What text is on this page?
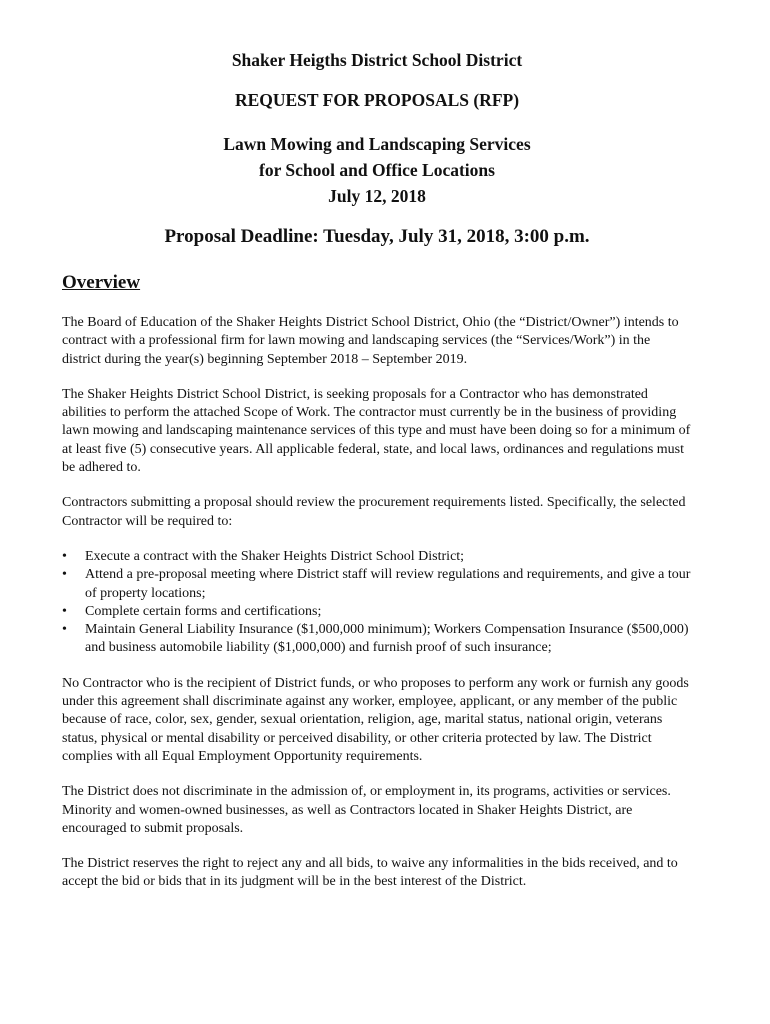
Shaker Heigths District School District
REQUEST FOR PROPOSALS (RFP)
Lawn Mowing and Landscaping Services
for School and Office Locations
July 12, 2018
Proposal Deadline: Tuesday, July 31, 2018, 3:00 p.m.
Overview

The Board of Education of the Shaker Heights District School District, Ohio (the “District/Owner”) intends to contract with a professional firm for lawn mowing and landscaping services (the “Services/Work”) in the district during the year(s) beginning September 2018 – September 2019.

The Shaker Heights District School District, is seeking proposals for a Contractor who has demonstrated abilities to perform the attached Scope of Work. The contractor must currently be in the business of providing lawn mowing and landscaping maintenance services of this type and must have been doing so for a minimum of at least five (5) consecutive years. All applicable federal, state, and local laws, ordinances and regulations must be adhered to.

Contractors submitting a proposal should review the procurement requirements listed. Specifically, the selected Contractor will be required to:

• Execute a contract with the Shaker Heights District School District;
• Attend a pre-proposal meeting where District staff will review regulations and requirements, and give a tour of property locations;
• Complete certain forms and certifications;
• Maintain General Liability Insurance ($1,000,000 minimum); Workers Compensation Insurance ($500,000) and business automobile liability ($1,000,000) and furnish proof of such insurance;

No Contractor who is the recipient of District funds, or who proposes to perform any work or furnish any goods under this agreement shall discriminate against any worker, employee, applicant, or any member of the public because of race, color, sex, gender, sexual orientation, religion, age, marital status, national origin, veterans status, physical or mental disability or perceived disability, or other criteria protected by law. The District complies with all Equal Employment Opportunity requirements.

The District does not discriminate in the admission of, or employment in, its programs, activities or services. Minority and women-owned businesses, as well as Contractors located in Shaker Heights District, are encouraged to submit proposals.

The District reserves the right to reject any and all bids, to waive any informalities in the bids received, and to accept the bid or bids that in its judgment will be in the best interest of the District.
